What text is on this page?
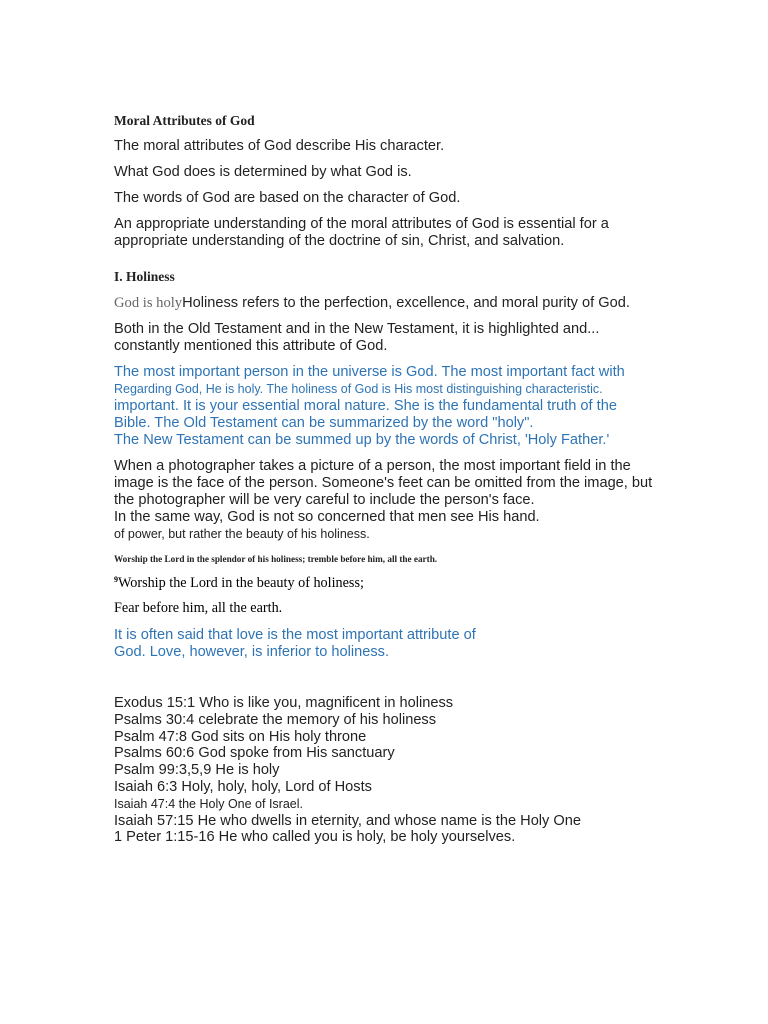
Moral Attributes of God

The moral attributes of God describe His character.

What God does is determined by what God is.

The words of God are based on the character of God.

An appropriate understanding of the moral attributes of God is essential for a appropriate understanding of the doctrine of sin, Christ, and salvation.

I. Holiness

God is holyHoliness refers to the perfection, excellence, and moral purity of God.

Both in the Old Testament and in the New Testament, it is highlighted and... constantly mentioned this attribute of God.

The most important person in the universe is God. The most important fact with

Regarding God, He is holy. The holiness of God is His most distinguishing characteristic.

important. It is your essential moral nature. She is the fundamental truth of the Bible. The Old Testament can be summarized by the word "holy".

The New Testament can be summed up by the words of Christ, 'Holy Father.'

When a photographer takes a picture of a person, the most important field in the image is the face of the person. Someone's feet can be omitted from the image, but the photographer will be very careful to include the person's face.

In the same way, God is not so concerned that men see His hand.

of power, but rather the beauty of his holiness.

Worship the Lord in the splendor of his holiness; tremble before him, all the earth.

$^9$Worship the Lord in the beauty of holiness;

Fear before him, all the earth.

It is often said that love is the most important attribute of God. Love, however, is inferior to holiness.

Exodus 15:1 Who is like you, magnificent in holiness

Psalms 30:4 celebrate the memory of his holiness

Psalm 47:8 God sits on His holy throne

Psalms 60:6 God spoke from His sanctuary

Psalm 99:3,5,9 He is holy

Isaiah 6:3 Holy, holy, holy, Lord of Hosts

Isaiah 47:4 the Holy One of Israel.

Isaiah 57:15 He who dwells in eternity, and whose name is the Holy One

1 Peter 1:15-16 He who called you is holy, be holy yourselves.
